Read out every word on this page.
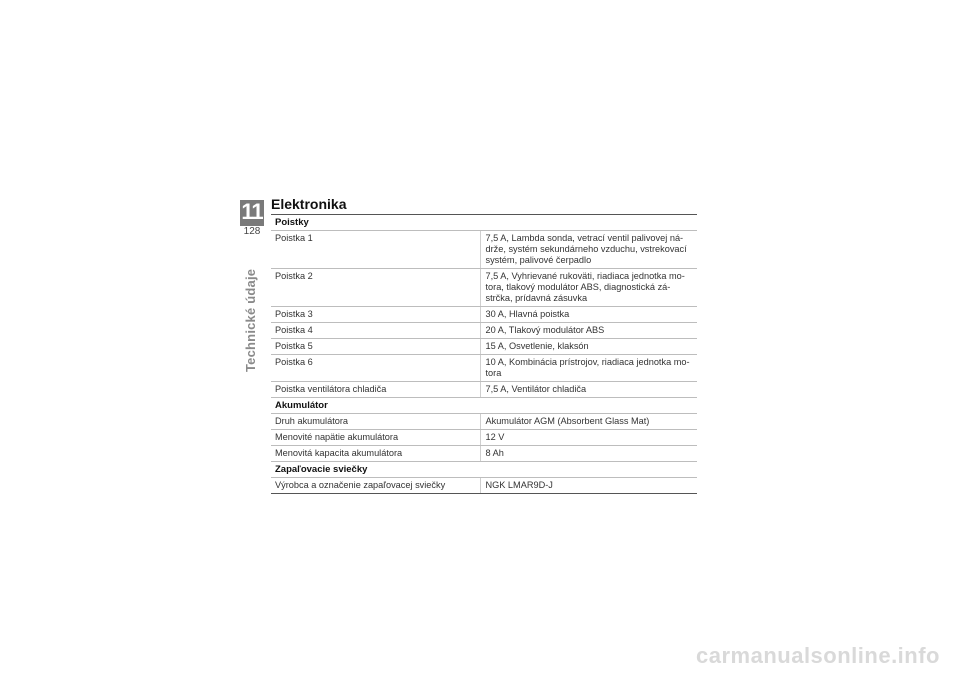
11
128
Technické údaje
Elektronika
Poistky	
Poistka 1	7,5 A, Lambda sonda, vetrací ventil palivovej ná-
drže, systém sekundárneho vzduchu, vstrekovací
systém, palivové čerpadlo
Poistka 2	7,5 A, Vyhrievané rukoväti, riadiaca jednotka mo-
tora, tlakový modulátor ABS, diagnostická zá-
strčka, prídavná zásuvka
Poistka 3	30 A, Hlavná poistka
Poistka 4	20 A, Tlakový modulátor ABS
Poistka 5	15 A, Osvetlenie, klaksón
Poistka 6	10 A, Kombinácia prístrojov, riadiaca jednotka mo-
tora
Poistka ventilátora chladiča	7,5 A, Ventilátor chladiča
Akumulátor	
Druh akumulátora	Akumulátor AGM (Absorbent Glass Mat)
Menovité napätie akumulátora	12 V
Menovitá kapacita akumulátora	8 Ah
Zapaľovacie sviečky	
Výrobca a označenie zapaľovacej sviečky	NGK LMAR9D-J
carmanualsonline.info
